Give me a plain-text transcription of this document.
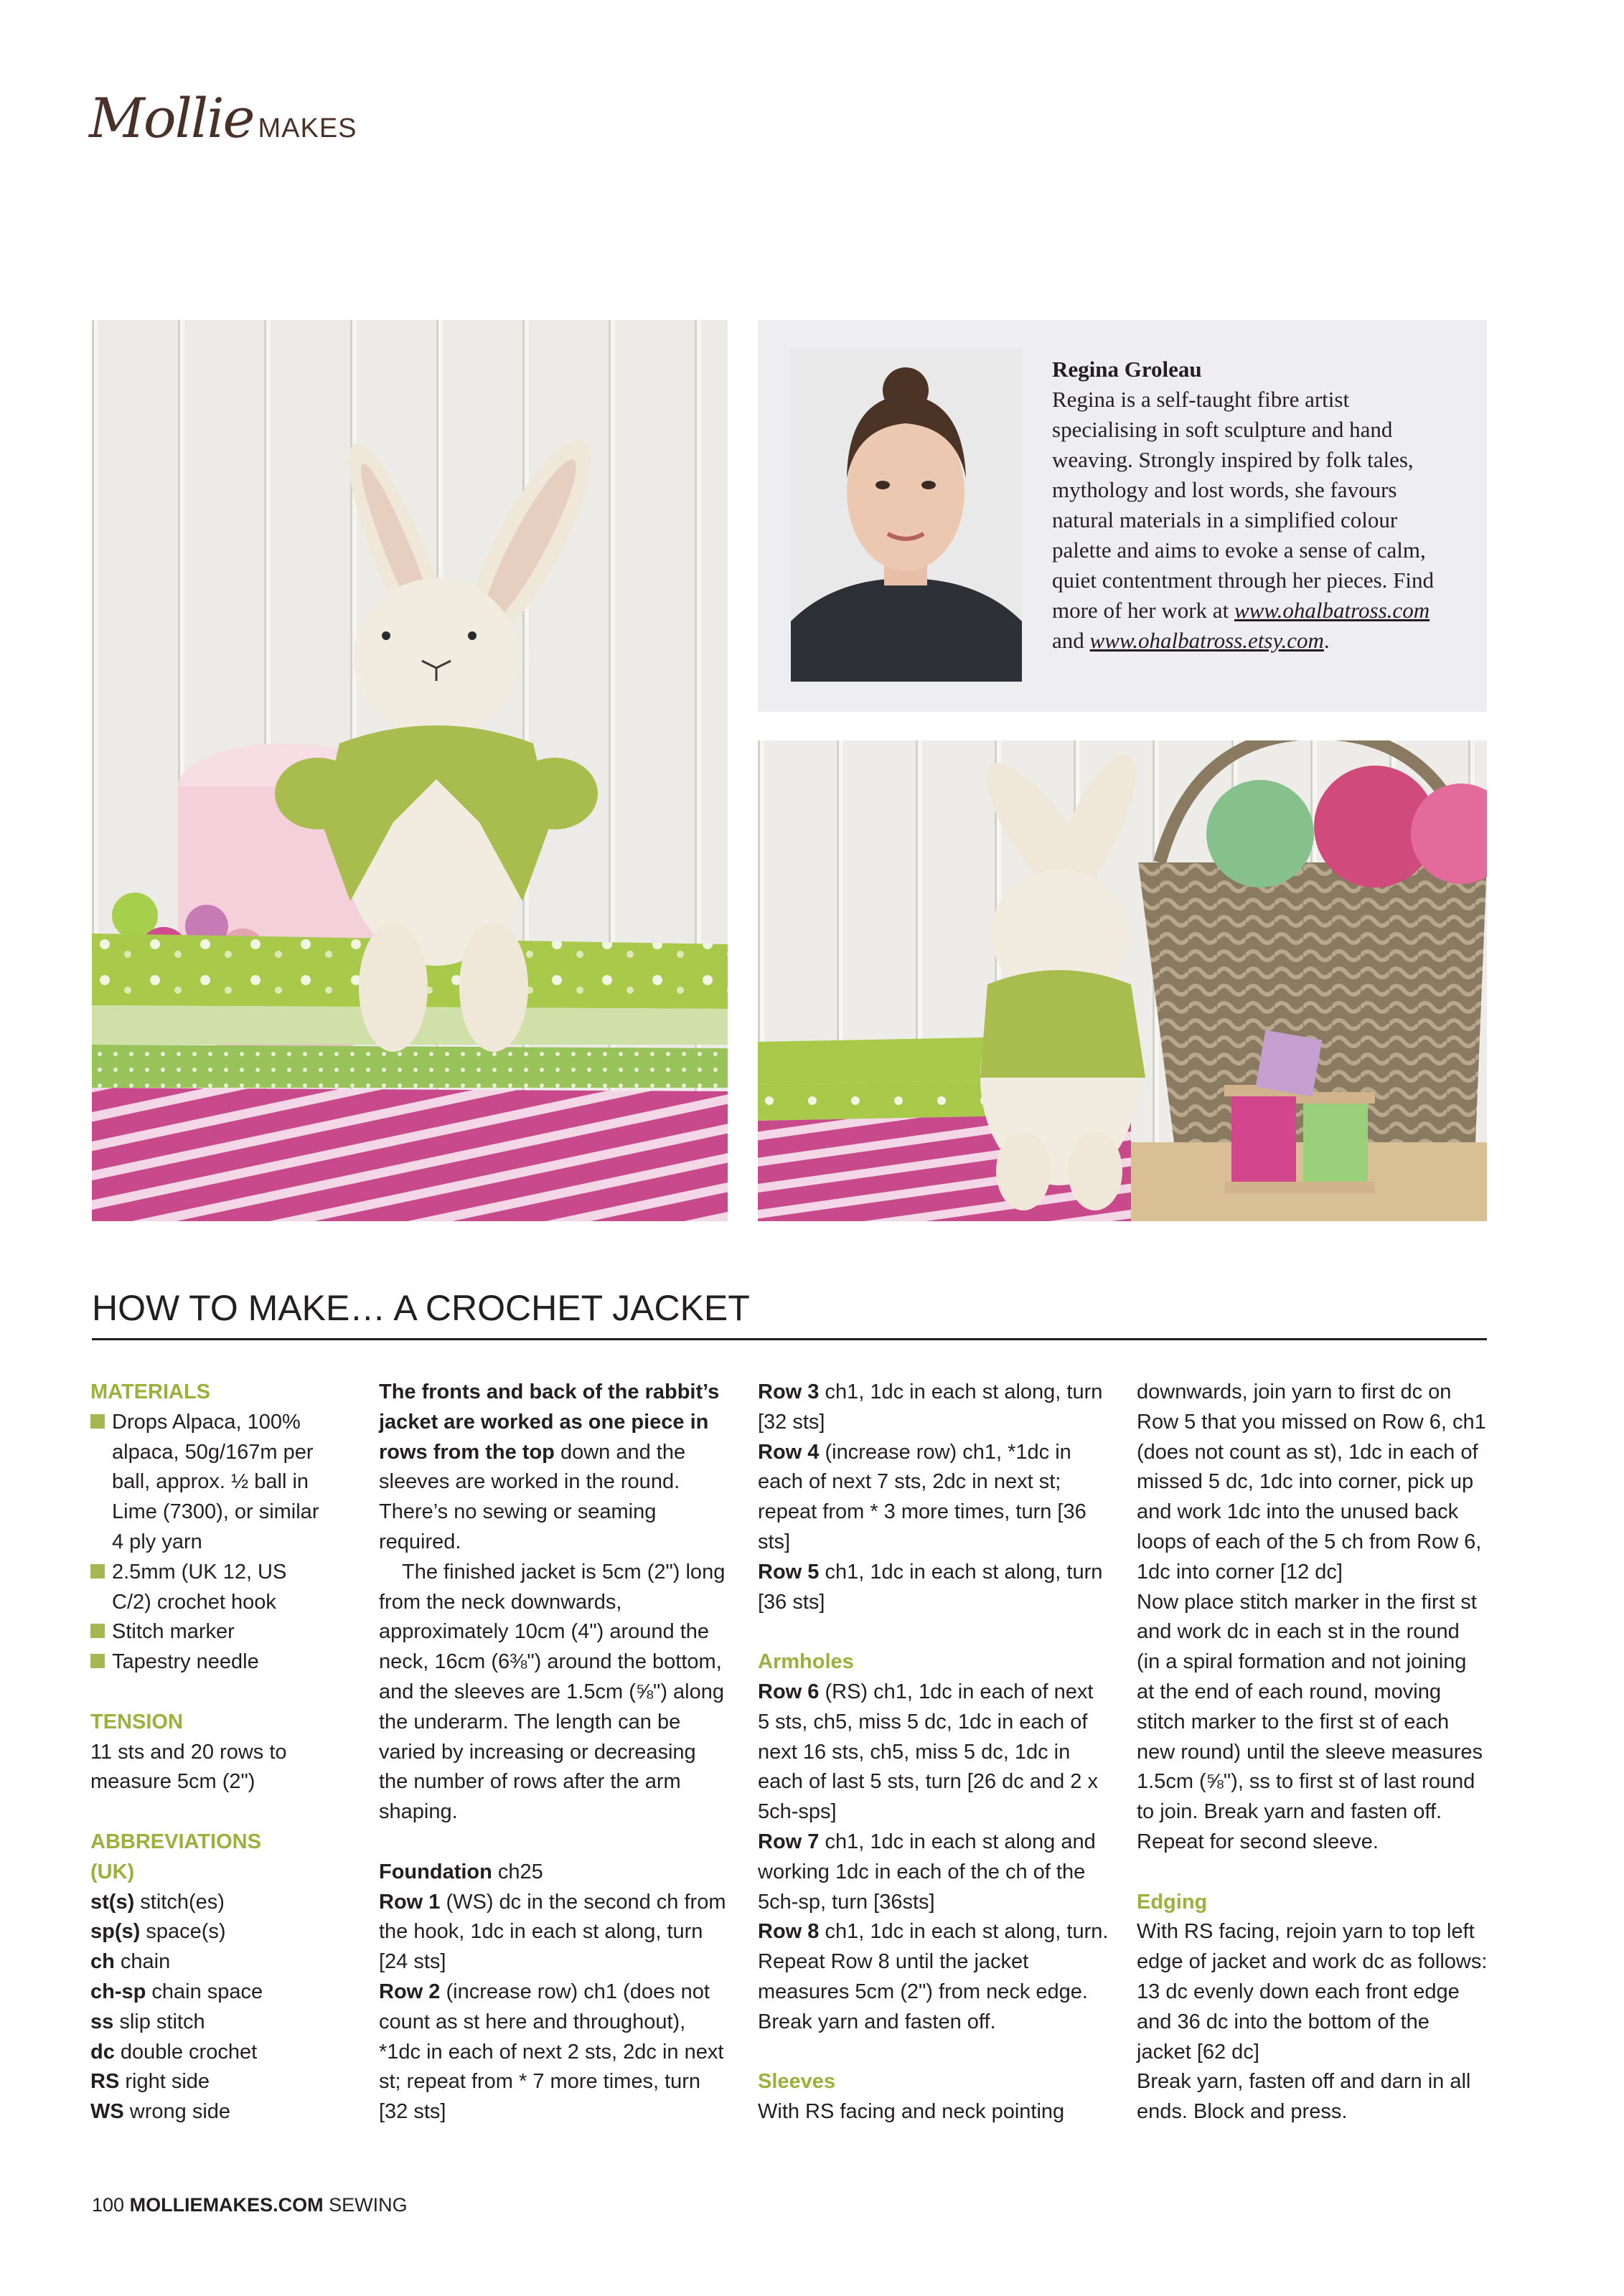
Mollie MAKES
Regina Groleau
Regina is a self-taught fibre artist specialising in soft sculpture and hand weaving. Strongly inspired by folk tales, mythology and lost words, she favours natural materials in a simplified colour palette and aims to evoke a sense of calm, quiet contentment through her pieces. Find more of her work at www.ohalbatross.com and www.ohalbatross.etsy.com.
HOW TO MAKE… A CROCHET JACKET

MATERIALS

Drops Alpaca, 100% alpaca, 50g/167m per ball, approx. ½ ball in Lime (7300), or similar 4 ply yarn

2.5mm (UK 12, US C/2) crochet hook

Stitch marker

Tapestry needle

TENSION

11 sts and 20 rows to measure 5cm (2")

ABBREVIATIONS

(UK)

st(s) stitch(es)

sp(s) space(s)

ch chain

ch-sp chain space

ss slip stitch

dc double crochet

RS right side

WS wrong side

The fronts and back of the rabbit’s jacket are worked as one piece in rows from the top down and the sleeves are worked in the round. There’s no sewing or seaming required.

The finished jacket is 5cm (2") long from the neck downwards, approximately 10cm (4") around the neck, 16cm (6⅜") around the bottom, and the sleeves are 1.5cm (⅝") along the underarm. The length can be varied by increasing or decreasing the number of rows after the arm shaping.

Foundation ch25

Row 1 (WS) dc in the second ch from the hook, 1dc in each st along, turn [24 sts]

Row 2 (increase row) ch1 (does not count as st here and throughout), *1dc in each of next 2 sts, 2dc in next st; repeat from * 7 more times, turn [32 sts]

Row 3 ch1, 1dc in each st along, turn [32 sts]

Row 4 (increase row) ch1, *1dc in each of next 7 sts, 2dc in next st; repeat from * 3 more times, turn [36 sts]

Row 5 ch1, 1dc in each st along, turn [36 sts]

Armholes

Row 6 (RS) ch1, 1dc in each of next 5 sts, ch5, miss 5 dc, 1dc in each of next 16 sts, ch5, miss 5 dc, 1dc in each of last 5 sts, turn [26 dc and 2 x 5ch-sps]

Row 7 ch1, 1dc in each st along and working 1dc in each of the ch of the 5ch-sp, turn [36sts]

Row 8 ch1, 1dc in each st along, turn. Repeat Row 8 until the jacket measures 5cm (2") from neck edge. Break yarn and fasten off.

Sleeves

With RS facing and neck pointing

downwards, join yarn to first dc on Row 5 that you missed on Row 6, ch1 (does not count as st), 1dc in each of missed 5 dc, 1dc into corner, pick up and work 1dc into the unused back loops of each of the 5 ch from Row 6, 1dc into corner [12 dc]

Now place stitch marker in the first st and work dc in each st in the round (in a spiral formation and not joining at the end of each round, moving stitch marker to the first st of each new round) until the sleeve measures 1.5cm (⅝"), ss to first st of last round to join. Break yarn and fasten off. Repeat for second sleeve.

Edging

With RS facing, rejoin yarn to top left edge of jacket and work dc as follows: 13 dc evenly down each front edge and 36 dc into the bottom of the jacket [62 dc]

Break yarn, fasten off and darn in all ends. Block and press.

100 MOLLIEMAKES.COM SEWING
